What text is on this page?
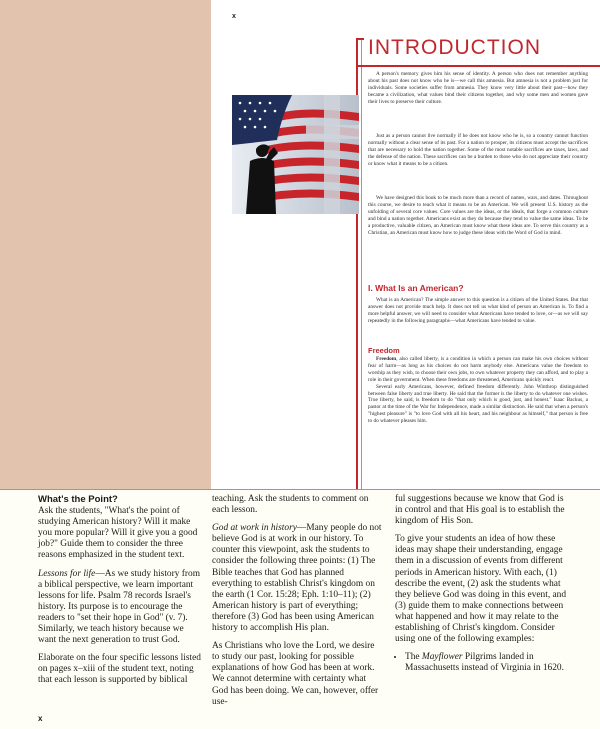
x
INTRODUCTION

A person's memory gives him his sense of identity. A person who does not remember anything about his past does not know who he is—we call this amnesia. But amnesia is not a problem just for individuals. Some societies suffer from amnesia. They know very little about their past—how they became a civilization, what values bind their citizens together, and why some men and women gave their lives to preserve their culture.

Just as a person cannot live normally if he does not know who he is, so a country cannot function normally without a clear sense of its past. For a nation to prosper, its citizens must accept the sacrifices that are necessary to hold the nation together. Some of the most notable sacrifices are taxes, laws, and the defense of the nation. These sacrifices can be a burden to those who do not appreciate their country or know what it means to be a citizen.

We have designed this book to be much more than a record of names, wars, and dates. Throughout this course, we desire to teach what it means to be an American. We will present U.S. history as the unfolding of several core values. Core values are the ideas, or the ideals, that forge a common culture and bind a nation together. Americans exist as they do because they tend to value the same ideas. To be a productive, valuable citizen, an American must know what these ideas are. To serve this country as a Christian, an American must know how to judge these ideas with the Word of God in mind.

I. What Is an American?

What is an American? The simple answer to this question is a citizen of the United States. But that answer does not provide much help. It does not tell us what kind of person an American is. To find a more helpful answer, we will need to consider what Americans have tended to love, or—as we will say repeatedly in the following paragraphs—what Americans have tended to value.

Freedom

Freedom, also called liberty, is a condition in which a person can make his own choices without fear of harm—as long as his choices do not harm anybody else. Americans value the freedom to worship as they wish, to choose their own jobs, to own whatever property they can afford, and to play a role in their government. When these freedoms are threatened, Americans quickly react.

Several early Americans, however, defined freedom differently. John Winthrop distinguished between false liberty and true liberty. He said that the former is the liberty to do whatever one wishes. True liberty, he said, is freedom to do "that only which is good, just, and honest." Isaac Backus, a pastor at the time of the War for Independence, made a similar distinction. He said that when a person's "highest pleasure" is "to love God with all his heart, and his neighbour as himself," that person is free to do whatever pleases him.

What's the Point?

Ask the students, "What's the point of studying American history? Will it make you more popular? Will it give you a good job?" Guide them to consider the three reasons emphasized in the student text.

Lessons for life—As we study history from a biblical perspective, we learn important lessons for life. Psalm 78 records Israel's history. Its purpose is to encourage the readers to "set their hope in God" (v. 7). Similarly, we teach history because we want the next generation to trust God.

Elaborate on the four specific lessons listed on pages x–xiii of the student text, noting that each lesson is supported by biblical

teaching. Ask the students to comment on each lesson.

God at work in history—Many people do not believe God is at work in our history. To counter this viewpoint, ask the students to consider the following three points: (1) The Bible teaches that God has planned everything to establish Christ's kingdom on the earth (1 Cor. 15:28; Eph. 1:10–11); (2) American history is part of everything; therefore (3) God has been using American history to accomplish His plan.

As Christians who love the Lord, we desire to study our past, looking for possible explanations of how God has been at work. We cannot determine with certainty what God has been doing. We can, however, offer use-

ful suggestions because we know that God is in control and that His goal is to establish the kingdom of His Son.

To give your students an idea of how these ideas may shape their understanding, engage them in a discussion of events from different periods in American history. With each, (1) describe the event, (2) ask the students what they believe God was doing in this event, and (3) guide them to make connections between what happened and how it may relate to the establishing of Christ's kingdom. Consider using one of the following examples:

• The Mayflower Pilgrims landed in Massachusetts instead of Virginia in 1620.
x
